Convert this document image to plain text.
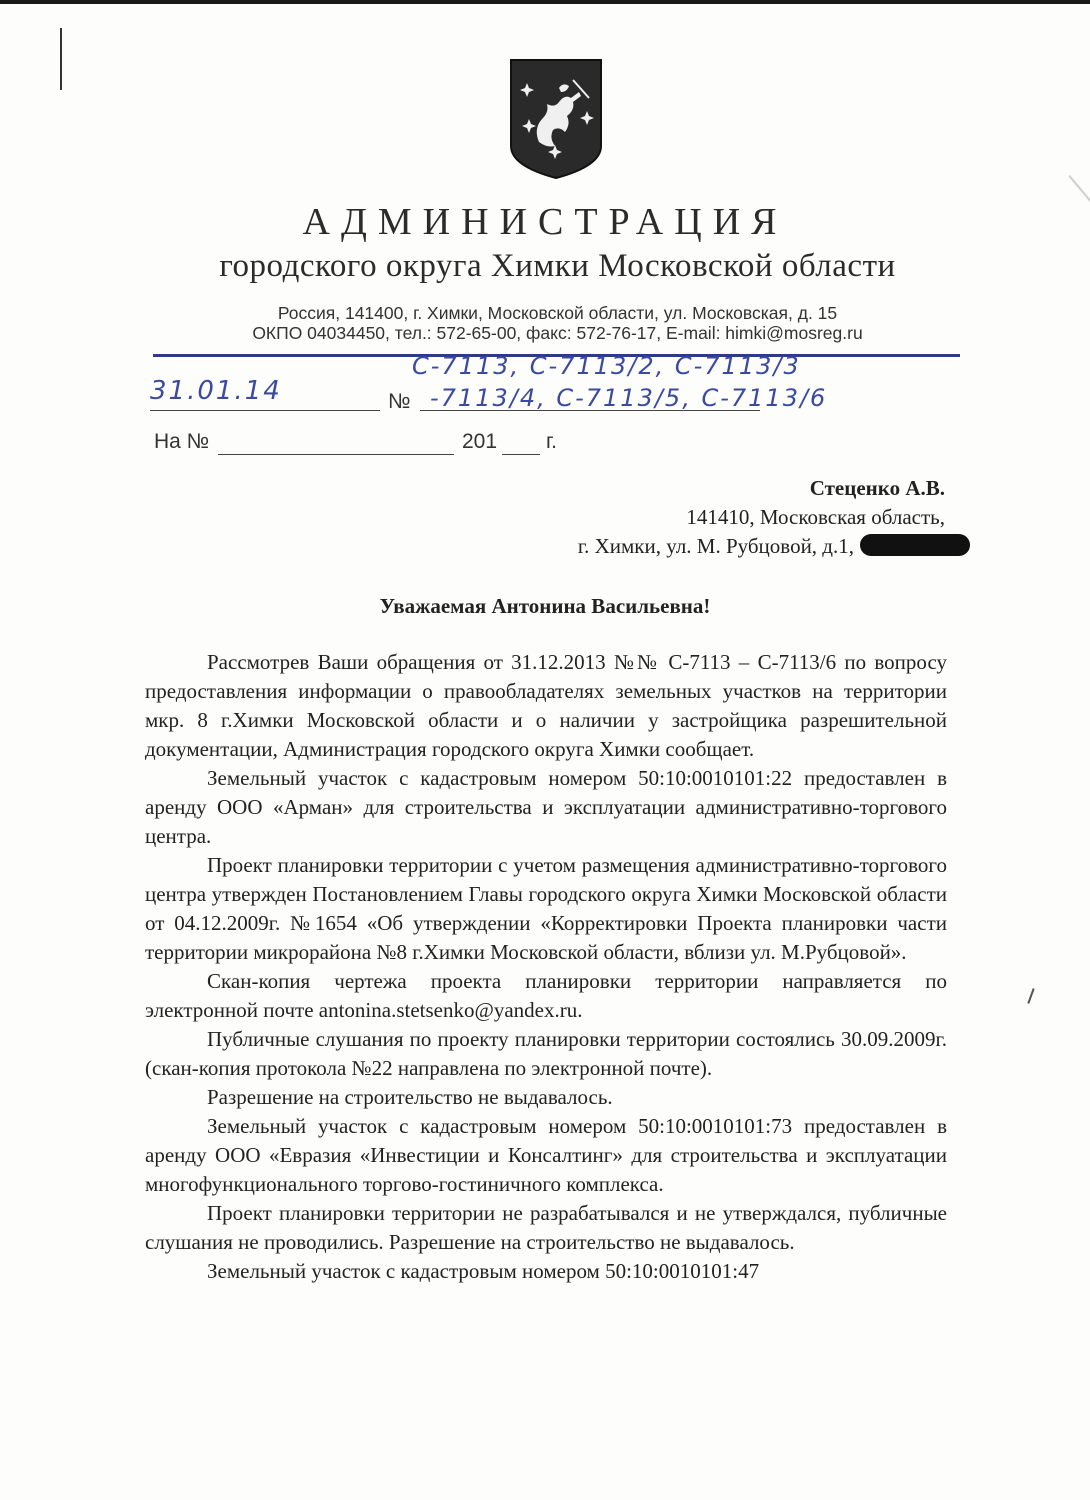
АДМИНИСТРАЦИЯ
городского округа Химки Московской области
Россия, 141400, г. Химки, Московской области, ул. Московская, д. 15
ОКПО 04034450, тел.: 572-65-00, факс: 572-76-17, E-mail: himki@mosreg.ru
31.01.14	№
С-7113, С-7113/2, С-7113/3
-7113/4, С-7113/5, С-7113/6
На №	201 г.
Стеценко А.В.
141410, Московская область,
г. Химки, ул. М. Рубцовой, д.1,
Уважаемая Антонина Васильевна!

Рассмотрев Ваши обращения от 31.12.2013 №№ С-7113 – С-7113/6 по вопросу предоставления информации о правообладателях земельных участков на территории мкр. 8 г.Химки Московской области и о наличии у застройщика разрешительной документации, Администрация городского округа Химки сообщает.

Земельный участок с кадастровым номером 50:10:0010101:22 предоставлен в аренду ООО «Арман» для строительства и эксплуатации административно-торгового центра.

Проект планировки территории с учетом размещения административно-торгового центра утвержден Постановлением Главы городского округа Химки Московской области от 04.12.2009г. №1654 «Об утверждении «Корректировки Проекта планировки части территории микрорайона №8 г.Химки Московской области, вблизи ул. М.Рубцовой».

Скан-копия чертежа проекта планировки территории направляется по электронной почте antonina.stetsenko@yandex.ru.

Публичные слушания по проекту планировки территории состоялись 30.09.2009г. (скан-копия протокола №22 направлена по электронной почте).

Разрешение на строительство не выдавалось.

Земельный участок с кадастровым номером 50:10:0010101:73 предоставлен в аренду ООО «Евразия «Инвестиции и Консалтинг» для строительства и эксплуатации многофункционального торгово-гостиничного комплекса.

Проект планировки территории не разрабатывался и не утверждался, публичные слушания не проводились. Разрешение на строительство не выдавалось.

Земельный участок с кадастровым номером 50:10:0010101:47
